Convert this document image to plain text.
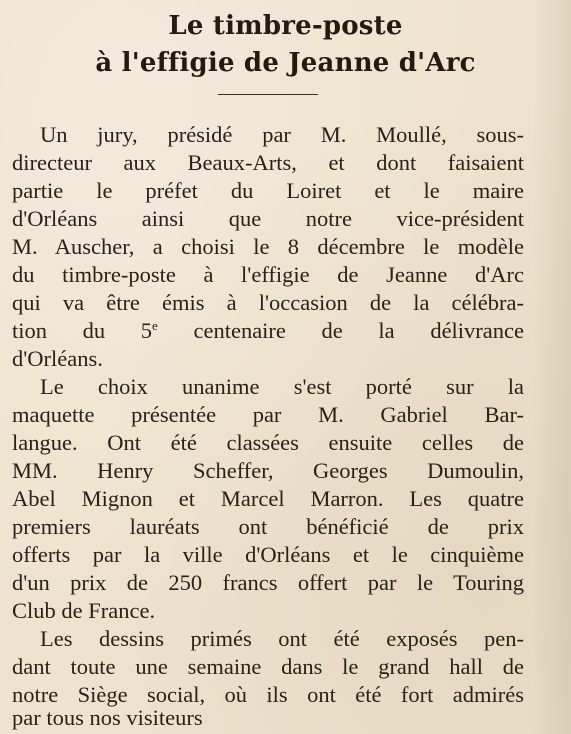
Le timbre-poste
à l'effigie de Jeanne d'Arc
Un jury, présidé par M. Moullé, sous-
directeur aux Beaux-Arts, et dont faisaient
partie le préfet du Loiret et le maire
d'Orléans ainsi que notre vice-président
M. Auscher, a choisi le 8 décembre le modèle
du timbre-poste à l'effigie de Jeanne d'Arc
qui va être émis à l'occasion de la célébra-
tion du 5e centenaire de la délivrance
d'Orléans.
Le choix unanime s'est porté sur la
maquette présentée par M. Gabriel Bar-
langue. Ont été classées ensuite celles de
MM. Henry Scheffer, Georges Dumoulin,
Abel Mignon et Marcel Marron. Les quatre
premiers lauréats ont bénéficié de prix
offerts par la ville d'Orléans et le cinquième
d'un prix de 250 francs offert par le Touring
Club de France.
Les dessins primés ont été exposés pen-
dant toute une semaine dans le grand hall de
notre Siège social, où ils ont été fort admirés
par tous nos visiteurs
